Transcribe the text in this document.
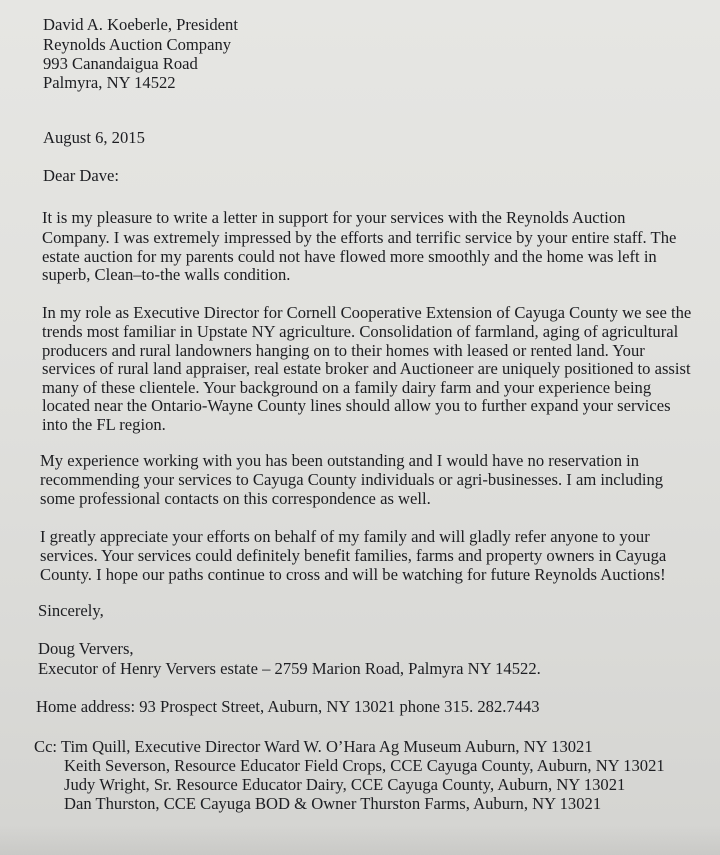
David A. Koeberle, President
Reynolds Auction Company
993 Canandaigua Road
Palmyra, NY 14522
August 6, 2015
Dear Dave:
It is my pleasure to write a letter in support for your services with the Reynolds Auction
Company. I was extremely impressed by the efforts and terrific service by your entire staff. The
estate auction for my parents could not have flowed more smoothly and the home was left in
superb, Clean–to-the walls condition.
In my role as Executive Director for Cornell Cooperative Extension of Cayuga County we see the
trends most familiar in Upstate NY agriculture. Consolidation of farmland, aging of agricultural
producers and rural landowners hanging on to their homes with leased or rented land. Your
services of rural land appraiser, real estate broker and Auctioneer are uniquely positioned to assist
many of these clientele. Your background on a family dairy farm and your experience being
located near the Ontario-Wayne County lines should allow you to further expand your services
into the FL region.
My experience working with you has been outstanding and I would have no reservation in
recommending your services to Cayuga County individuals or agri-businesses. I am including
some professional contacts on this correspondence as well.
I greatly appreciate your efforts on behalf of my family and will gladly refer anyone to your
services. Your services could definitely benefit families, farms and property owners in Cayuga
County. I hope our paths continue to cross and will be watching for future Reynolds Auctions!
Sincerely,
Doug Ververs,
Executor of Henry Ververs estate – 2759 Marion Road, Palmyra NY 14522.
Home address: 93 Prospect Street, Auburn, NY 13021 phone 315. 282.7443
Cc: Tim Quill, Executive Director Ward W. O’Hara Ag Museum Auburn, NY 13021
Keith Severson, Resource Educator Field Crops, CCE Cayuga County, Auburn, NY 13021
Judy Wright, Sr. Resource Educator Dairy, CCE Cayuga County, Auburn, NY 13021
Dan Thurston, CCE Cayuga BOD & Owner Thurston Farms, Auburn, NY 13021
